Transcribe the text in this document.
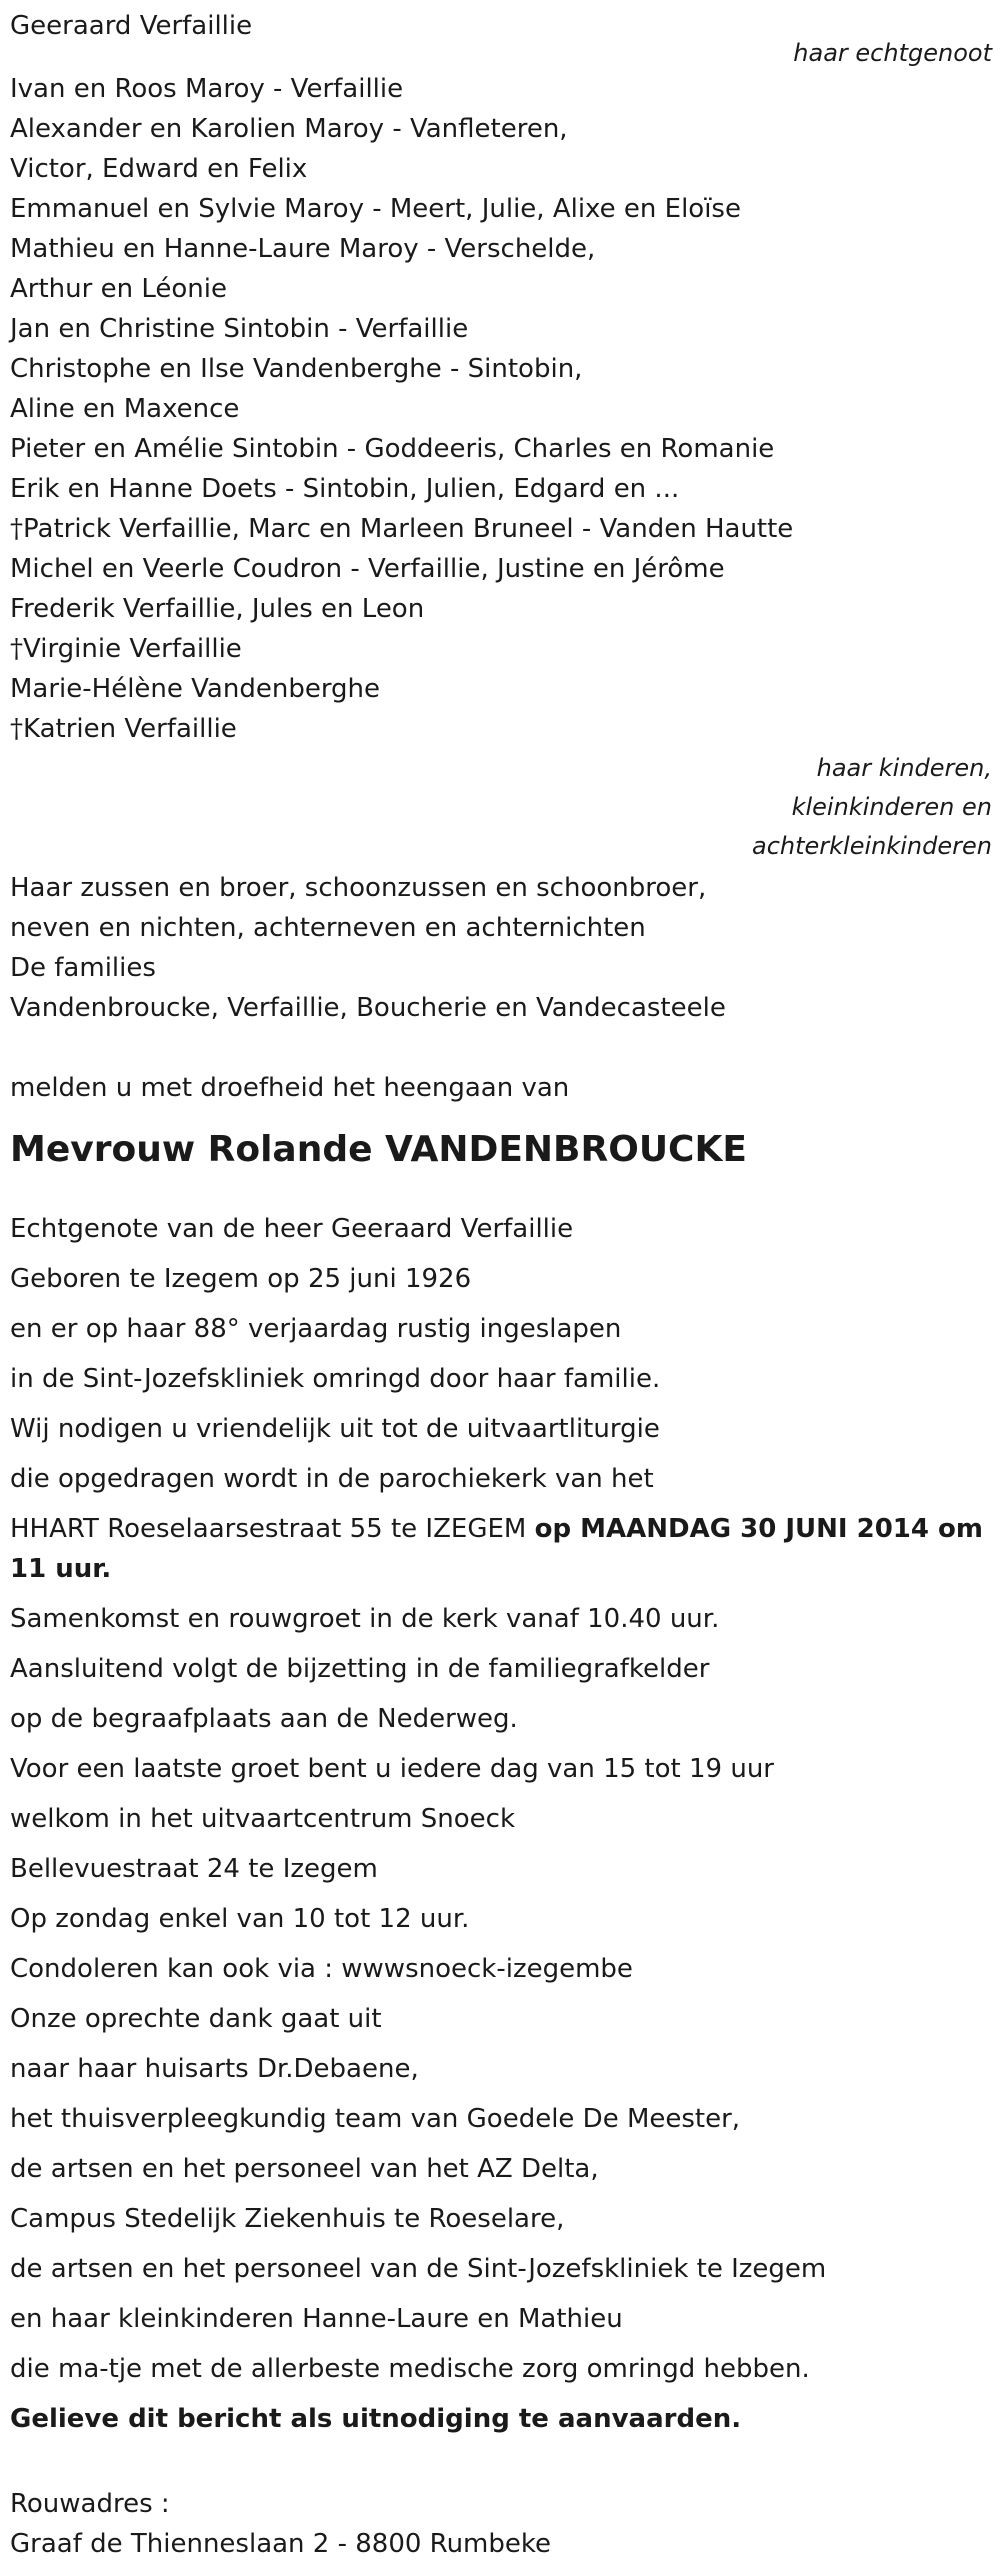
Geeraard Verfaillie
haar echtgenoot
Ivan en Roos Maroy - Verfaillie
Alexander en Karolien Maroy - Vanfleteren,
Victor, Edward en Felix
Emmanuel en Sylvie Maroy - Meert, Julie, Alixe en Eloïse
Mathieu en Hanne-Laure Maroy - Verschelde,
Arthur en Léonie
Jan en Christine Sintobin - Verfaillie
Christophe en Ilse Vandenberghe - Sintobin,
Aline en Maxence
Pieter en Amélie Sintobin - Goddeeris, Charles en Romanie
Erik en Hanne Doets - Sintobin, Julien, Edgard en ...
†Patrick Verfaillie, Marc en Marleen Bruneel - Vanden Hautte
Michel en Veerle Coudron - Verfaillie, Justine en Jérôme
Frederik Verfaillie, Jules en Leon
†Virginie Verfaillie
Marie-Hélène Vandenberghe
†Katrien Verfaillie
haar kinderen,
kleinkinderen en
achterkleinkinderen
Haar zussen en broer, schoonzussen en schoonbroer,
neven en nichten, achterneven en achternichten
De families
Vandenbroucke, Verfaillie, Boucherie en Vandecasteele
melden u met droefheid het heengaan van
Mevrouw Rolande VANDENBROUCKE
Echtgenote van de heer Geeraard Verfaillie
Geboren te Izegem op 25 juni 1926
en er op haar 88° verjaardag rustig ingeslapen
in de Sint-Jozefskliniek omringd door haar familie.
Wij nodigen u vriendelijk uit tot de uitvaartliturgie
die opgedragen wordt in de parochiekerk van het
HHART Roeselaarsestraat 55 te IZEGEM op MAANDAG 30 JUNI 2014 om 11 uur.
Samenkomst en rouwgroet in de kerk vanaf 10.40 uur.
Aansluitend volgt de bijzetting in de familiegrafkelder
op de begraafplaats aan de Nederweg.
Voor een laatste groet bent u iedere dag van 15 tot 19 uur
welkom in het uitvaartcentrum Snoeck
Bellevuestraat 24 te Izegem
Op zondag enkel van 10 tot 12 uur.
Condoleren kan ook via : wwwsnoeck-izegembe
Onze oprechte dank gaat uit
naar haar huisarts Dr.Debaene,
het thuisverpleegkundig team van Goedele De Meester,
de artsen en het personeel van het AZ Delta,
Campus Stedelijk Ziekenhuis te Roeselare,
de artsen en het personeel van de Sint-Jozefskliniek te Izegem
en haar kleinkinderen Hanne-Laure en Mathieu
die ma-tje met de allerbeste medische zorg omringd hebben.
Gelieve dit bericht als uitnodiging te aanvaarden.
Rouwadres :
Graaf de Thienneslaan 2 - 8800 Rumbeke
